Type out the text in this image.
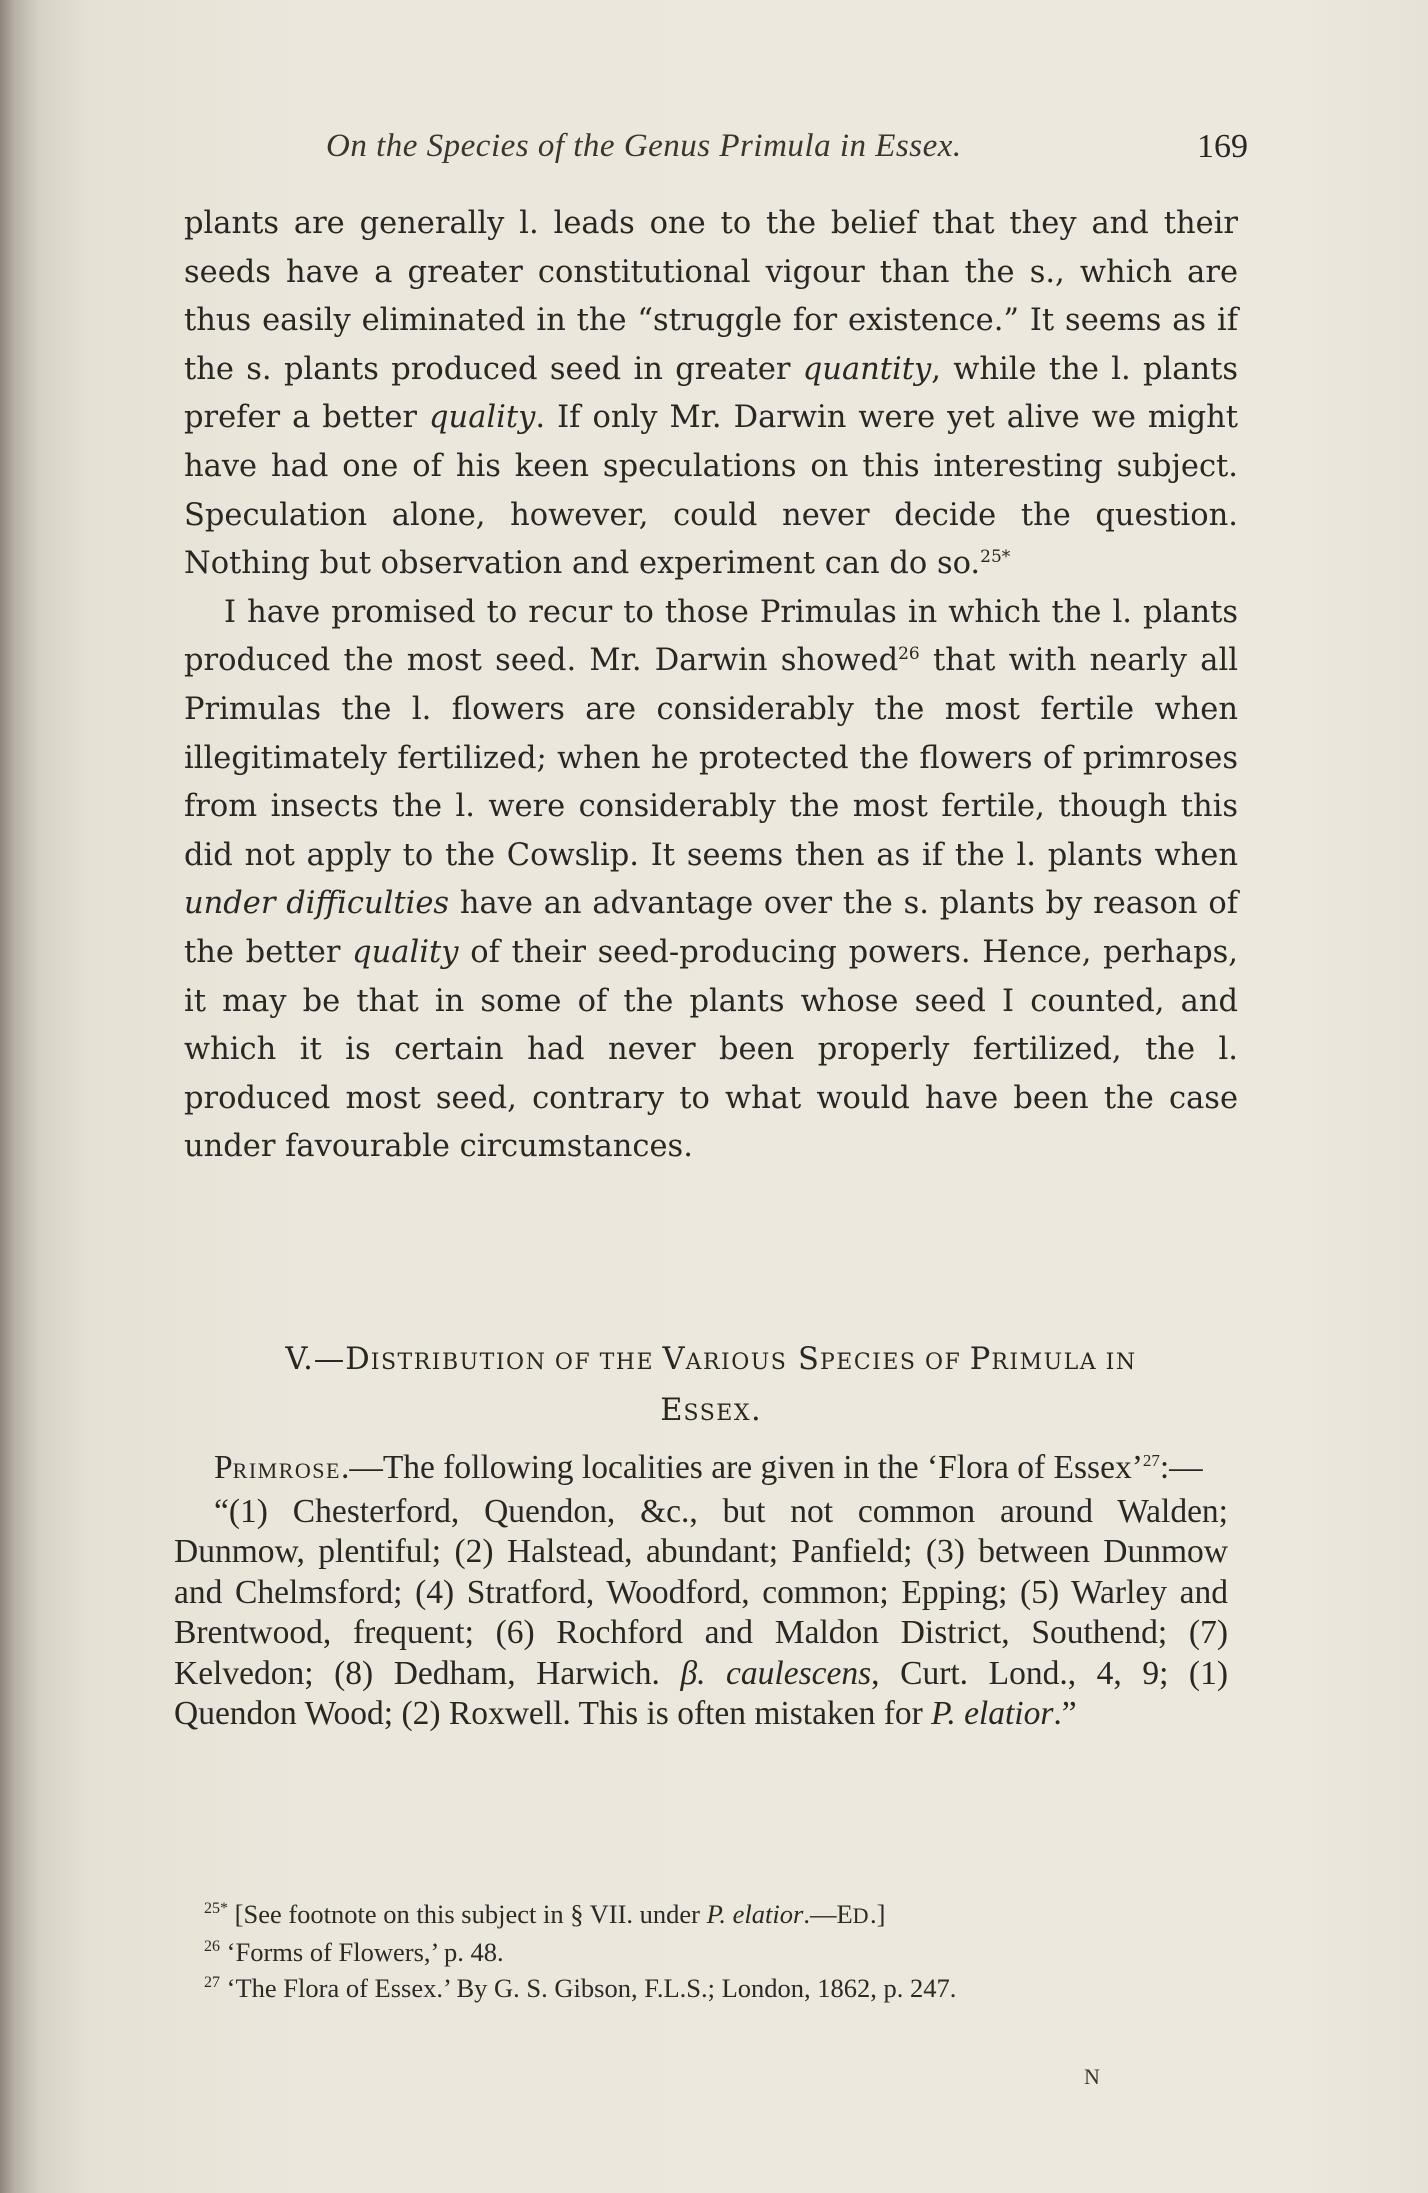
On the Species of the Genus Primula in Essex.	169

plants are generally l. leads one to the belief that they and their seeds have a greater constitutional vigour than the s., which are thus easily eliminated in the “struggle for existence.” It seems as if the s. plants produced seed in greater quantity, while the l. plants prefer a better quality. If only Mr. Darwin were yet alive we might have had one of his keen speculations on this interesting subject. Speculation alone, however, could never decide the question. Nothing but observation and experiment can do so.$^{25*}$

I have promised to recur to those Primulas in which the l. plants produced the most seed. Mr. Darwin showed$^{26}$ that with nearly all Primulas the l. flowers are considerably the most fertile when illegitimately fertilized; when he protected the flowers of primroses from insects the l. were considerably the most fertile, though this did not apply to the Cowslip. It seems then as if the l. plants when under difficulties have an advantage over the s. plants by reason of the better quality of their seed-producing powers. Hence, perhaps, it may be that in some of the plants whose seed I counted, and which it is certain had never been properly fertilized, the l. produced most seed, contrary to what would have been the case under favourable circumstances.

V.—DISTRIBUTION OF THE VARIOUS SPECIES OF PRIMULA IN
ESSEX.

PRIMROSE.—The following localities are given in the ‘Flora of Essex’$^{27}$:—

“(1) Chesterford, Quendon, &c., but not common around Walden; Dunmow, plentiful; (2) Halstead, abundant; Panfield; (3) between Dunmow and Chelmsford; (4) Stratford, Woodford, common; Epping; (5) Warley and Brentwood, frequent; (6) Rochford and Maldon District, Southend; (7) Kelvedon; (8) Dedham, Harwich. β. caulescens, Curt. Lond., 4, 9; (1) Quendon Wood; (2) Roxwell. This is often mistaken for P. elatior.”

$^{25*}$ [See footnote on this subject in § VII. under P. elatior.—ED.]

$^{26}$ ‘Forms of Flowers,’ p. 48.

$^{27}$ ‘The Flora of Essex.’ By G. S. Gibson, F.L.S.; London, 1862, p. 247.

N
